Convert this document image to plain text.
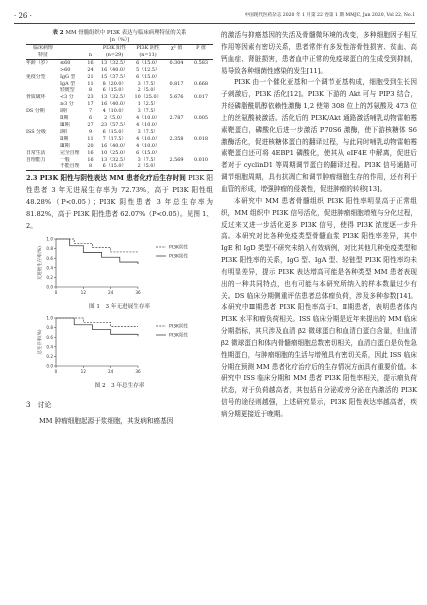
· 26 ·	中国现代医药杂志 2020 年 1 月第 22 卷第 1 期 MMJC, Jan 2020, Vol 22, No.1

表 2 MM 骨髓组织中 PI3K 表达与临床病理特征的关系

[n（%）]

临床病理			PI3K 阳性	PI3K 阴性	χ² 值	P 值
特征		n	(n=29)	(n=11)		
年龄（岁）	≤60	16	13（32.5）	6（15.0）	0.304	0.583
	>60	24	16（40.0）	5（12.5）		
免疫分型	IgG 型	21	15（37.5）	6（15.0）		
	IgA 型	11	8（20.0）	3（7.5）	0.817	0.668
	轻链型	8	6（15.0）	2（5.0）		
骨质破坏	<3 分	23	13（32.5）	10（25.0）	5.676	0.017
	≥3 分	17	16（40.0）	1（2.5）		
DS 分期	Ⅰ期	7	4（10.0）	3（7.5）		
	Ⅱ期	6	2（5.0）	4（10.0）	2.787	0.005
	Ⅲ期	27	23（57.5）	4（10.0）		
ISS 分级	Ⅰ期	9	6（15.0）	3（7.5）		
	Ⅱ期	11	7（17.5）	4（10.0）	2.358	0.018
	Ⅲ期	20	16（40.0）	4（10.0）		
日常生活	完全自理	16	10（25.0）	6（15.0）		
自理能力	一般	16	13（32.5）	3（7.5）	2.569	0.010
	不能自理	8	6（15.0）	2（5.0）		

2.3 PI3K 阳性与阴性表达 MM 患者化疗后生存时间 PI3K 阳性患者 3 年无进展生存率为 72.73%，高于 PI3K 阳性组 48.28%（P<0.05）；PI3K 阴性患者 3 年总生存率为 81.82%，高于 PI3K 阳性患者 62.07%（P<0.05）。见图 1、2。

1.0
0.8
0.6
0.4
0.2
0.0
0	12	24	36
无进展生存率(%)	PI3K阴性
PI3K阳性

图 1　3 年无进展生存率

1.0
0.8
0.6
0.4
0.2
0.0
0	12	24	36
总生存率(%)
PI3K阴性
PI3K阳性

图 2　3 年总生存率

3　讨论

MM 肿瘤细胞起源于浆细胞，其发病和癌基因

的激活与抑癌基因的失活及骨髓微环境的改变，多种细胞因子相互作用等因素有密切关系，患者常伴有多发性溶骨性损害、贫血、高钙血症、肾脏损害，患者血中正常的免疫球蛋白的生成受到抑制，易导致各种细菌性感染的发生[11]。

PI3K 由一个催化亚基和一个调节亚基构成，细胞受到生长因子刺激后，PI3K 活化[12]。PI3K 下游的 Akt 可与 PIP3 结合，并经磷脂酰肌醇依赖性激酶 1,2 使第 308 位上的苏氨酸及 473 位上的丝氨酸被激活。活化后的 PI3K/Akt 通路激活哺乳动物雷帕霉素靶蛋白，磷酸化后进一步激活 P70S6 激酶，使下游核糖体 S6 激酶活化，促进核糖体蛋白的翻译过程，与此同时哺乳动物雷帕霉素靶蛋白还可将 4EBP1 磷酸化，使其从 eIF4E 中解离，促进后者对于 cyclinD1 等周期调节蛋白的翻译过程。PI3K 信号通路可调节细胞周期，具有抗凋亡和调节肿瘤细胞生存的作用，还有利于血管的形成，增强肿瘤的侵袭性，促进肿瘤的转移[13]。

本研究中 MM 患者骨髓组织 PI3K 阳性率明显高于正常组织，MM 组织中 PI3K 信号活化，促进肿瘤细胞增殖与分化过程，反过来又进一步活化更多 PI3K 信号，使得 PI3K 浓度逐一步升高。本研究对比各种免疫类型骨髓血浆 PI3K 阳性率差异，其中 IgE 和 IgD 类型不研究未纳入有效病例，对比其他几种免疫类型和 PI3K 阳性率的关系，IgG 型、IgA 型、轻链型 PI3K 阳性率均未有明显差异，提示 PI3K 表达增高可能是各种类型 MM 患者表现出的一种共同特点，也有可能与本研究所纳入的样本数量过少有关。DS 临床分期侧重评估患者总体瘤负荷，涉及多种参数[14]。本研究中Ⅲ期患者 PI3K 阳性率高于Ⅰ、Ⅱ期患者，表明患者体内 PI3K 水平和瘤负荷相关。ISS 临床分期是近年来提出的 MM 临床分期指标，其只涉及血清 β2 微球蛋白和血清白蛋白含量，但血清 β2 微球蛋白和体内骨髓瘤细胞总数密切相关，血清白蛋白是负性急性期蛋白，与肿瘤细胞的生活与增殖具有密切关系，因此 ISS 临床分期在预测 MM 患者化疗治疗后的生存情况方面具有重要价值。本研究中 ISS 临床分期和 MM 患者 PI3K 阳性率相关，提示瘤负荷状态，对于负荷越高者，其包括自分泌或旁分泌在内激活的 PI3K 信号的途径则越强，上述研究显示，PI3K 阳性表达率越高者，疾病分期更接近于晚期。
